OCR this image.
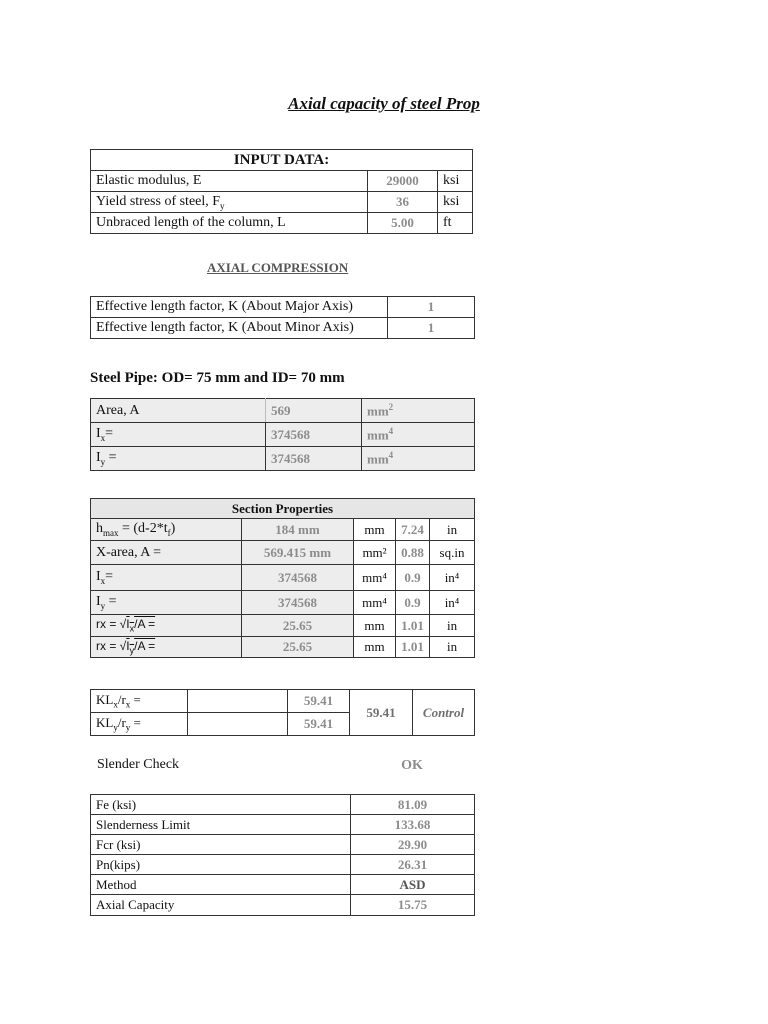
Axial capacity of steel Prop
INPUT DATA:		
Elastic modulus, E	29000	ksi
Yield stress of steel, $F_y$	36	ksi
Unbraced length of the column, L	5.00	ft
AXIAL COMPRESSION
Effective length factor, K (About Major Axis)	1
Effective length factor, K (About Minor Axis)	1
Steel Pipe: OD= 75 mm and ID= 70 mm
Area, A	569	$mm^2$
$I_x=$	374568	$mm^4$
$I_y$ =	374568	$mm^4$
Section Properties				
$h_{max} = (d-2*t_f)$	184 mm	mm	7.24	in
X-area, A =	569.415 mm	mm²	0.88	sq.in
$I_x=$	374568	mm⁴	0.9	in⁴
$I_y$ =	374568	mm⁴	0.9	in⁴
rx = $√I_x/A$ =	25.65	mm	1.01	in
rx = $√I_y/A$ =	25.65	mm	1.01	in
$KL_x/r_x$ =		59.41	59.41	Control
$KL_y/r_y$ =		59.41		
Slender Check	OK
Fe (ksi)	81.09
Slenderness Limit	133.68
Fcr (ksi)	29.90
Pn(kips)	26.31
Method	ASD
Axial Capacity	15.75
